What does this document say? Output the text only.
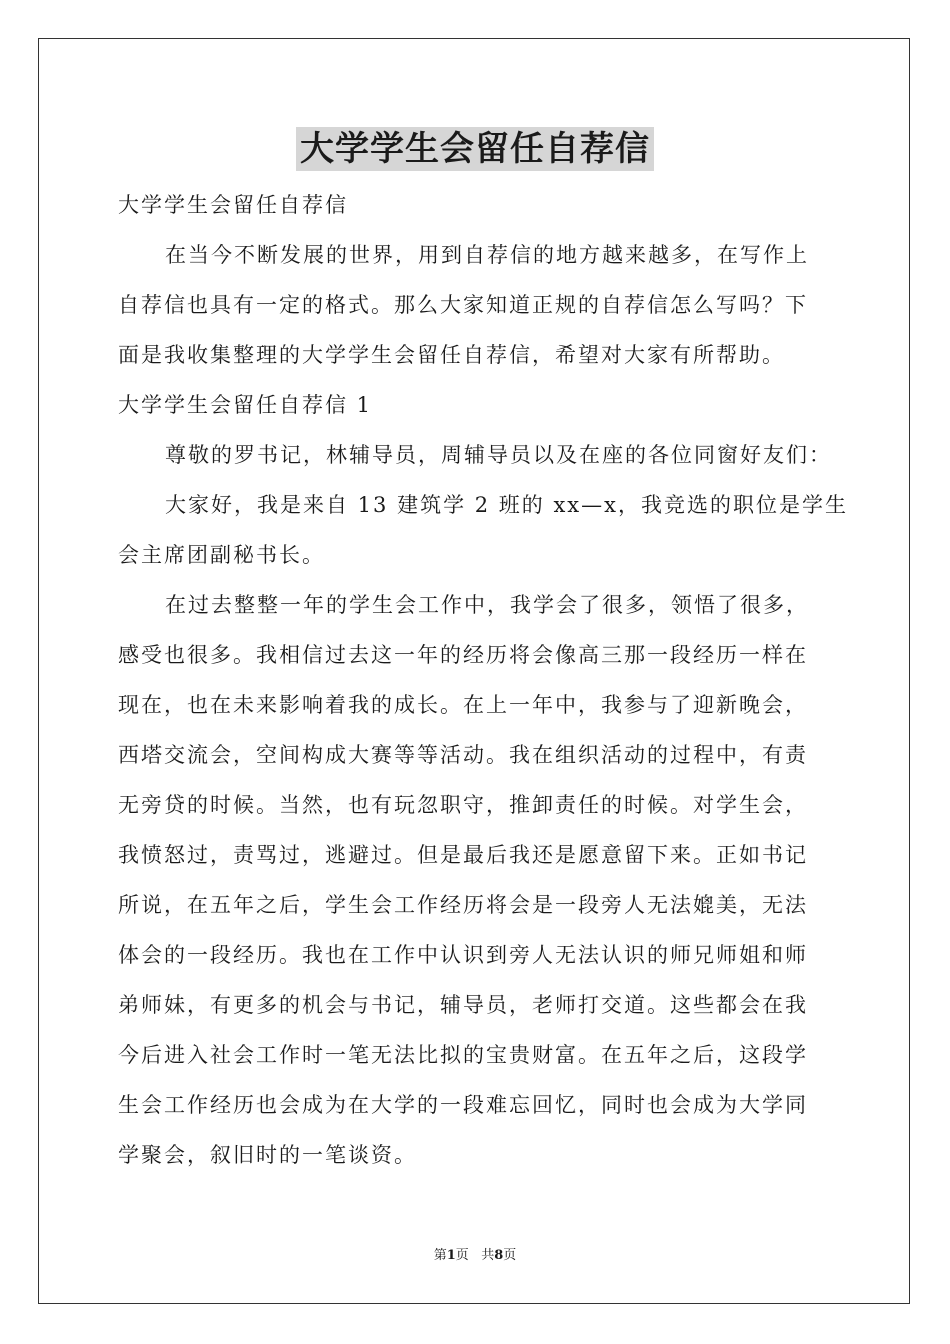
大学学生会留任自荐信

大学学生会留任自荐信

在当今不断发展的世界，用到自荐信的地方越来越多，在写作上

自荐信也具有一定的格式。那么大家知道正规的自荐信怎么写吗？下

面是我收集整理的大学学生会留任自荐信，希望对大家有所帮助。

大学学生会留任自荐信 1

尊敬的罗书记，林辅导员，周辅导员以及在座的各位同窗好友们：

大家好，我是来自 13 建筑学 2 班的 xx—x，我竞选的职位是学生

会主席团副秘书长。

在过去整整一年的学生会工作中，我学会了很多，领悟了很多，

感受也很多。我相信过去这一年的经历将会像高三那一段经历一样在

现在，也在未来影响着我的成长。在上一年中，我参与了迎新晚会，

西塔交流会，空间构成大赛等等活动。我在组织活动的过程中，有责

无旁贷的时候。当然，也有玩忽职守，推卸责任的时候。对学生会，

我愤怒过，责骂过，逃避过。但是最后我还是愿意留下来。正如书记

所说，在五年之后，学生会工作经历将会是一段旁人无法媲美，无法

体会的一段经历。我也在工作中认识到旁人无法认识的师兄师姐和师

弟师妹，有更多的机会与书记，辅导员，老师打交道。这些都会在我

今后进入社会工作时一笔无法比拟的宝贵财富。在五年之后，这段学

生会工作经历也会成为在大学的一段难忘回忆，同时也会成为大学同

学聚会，叙旧时的一笔谈资。

第1页 共8页
